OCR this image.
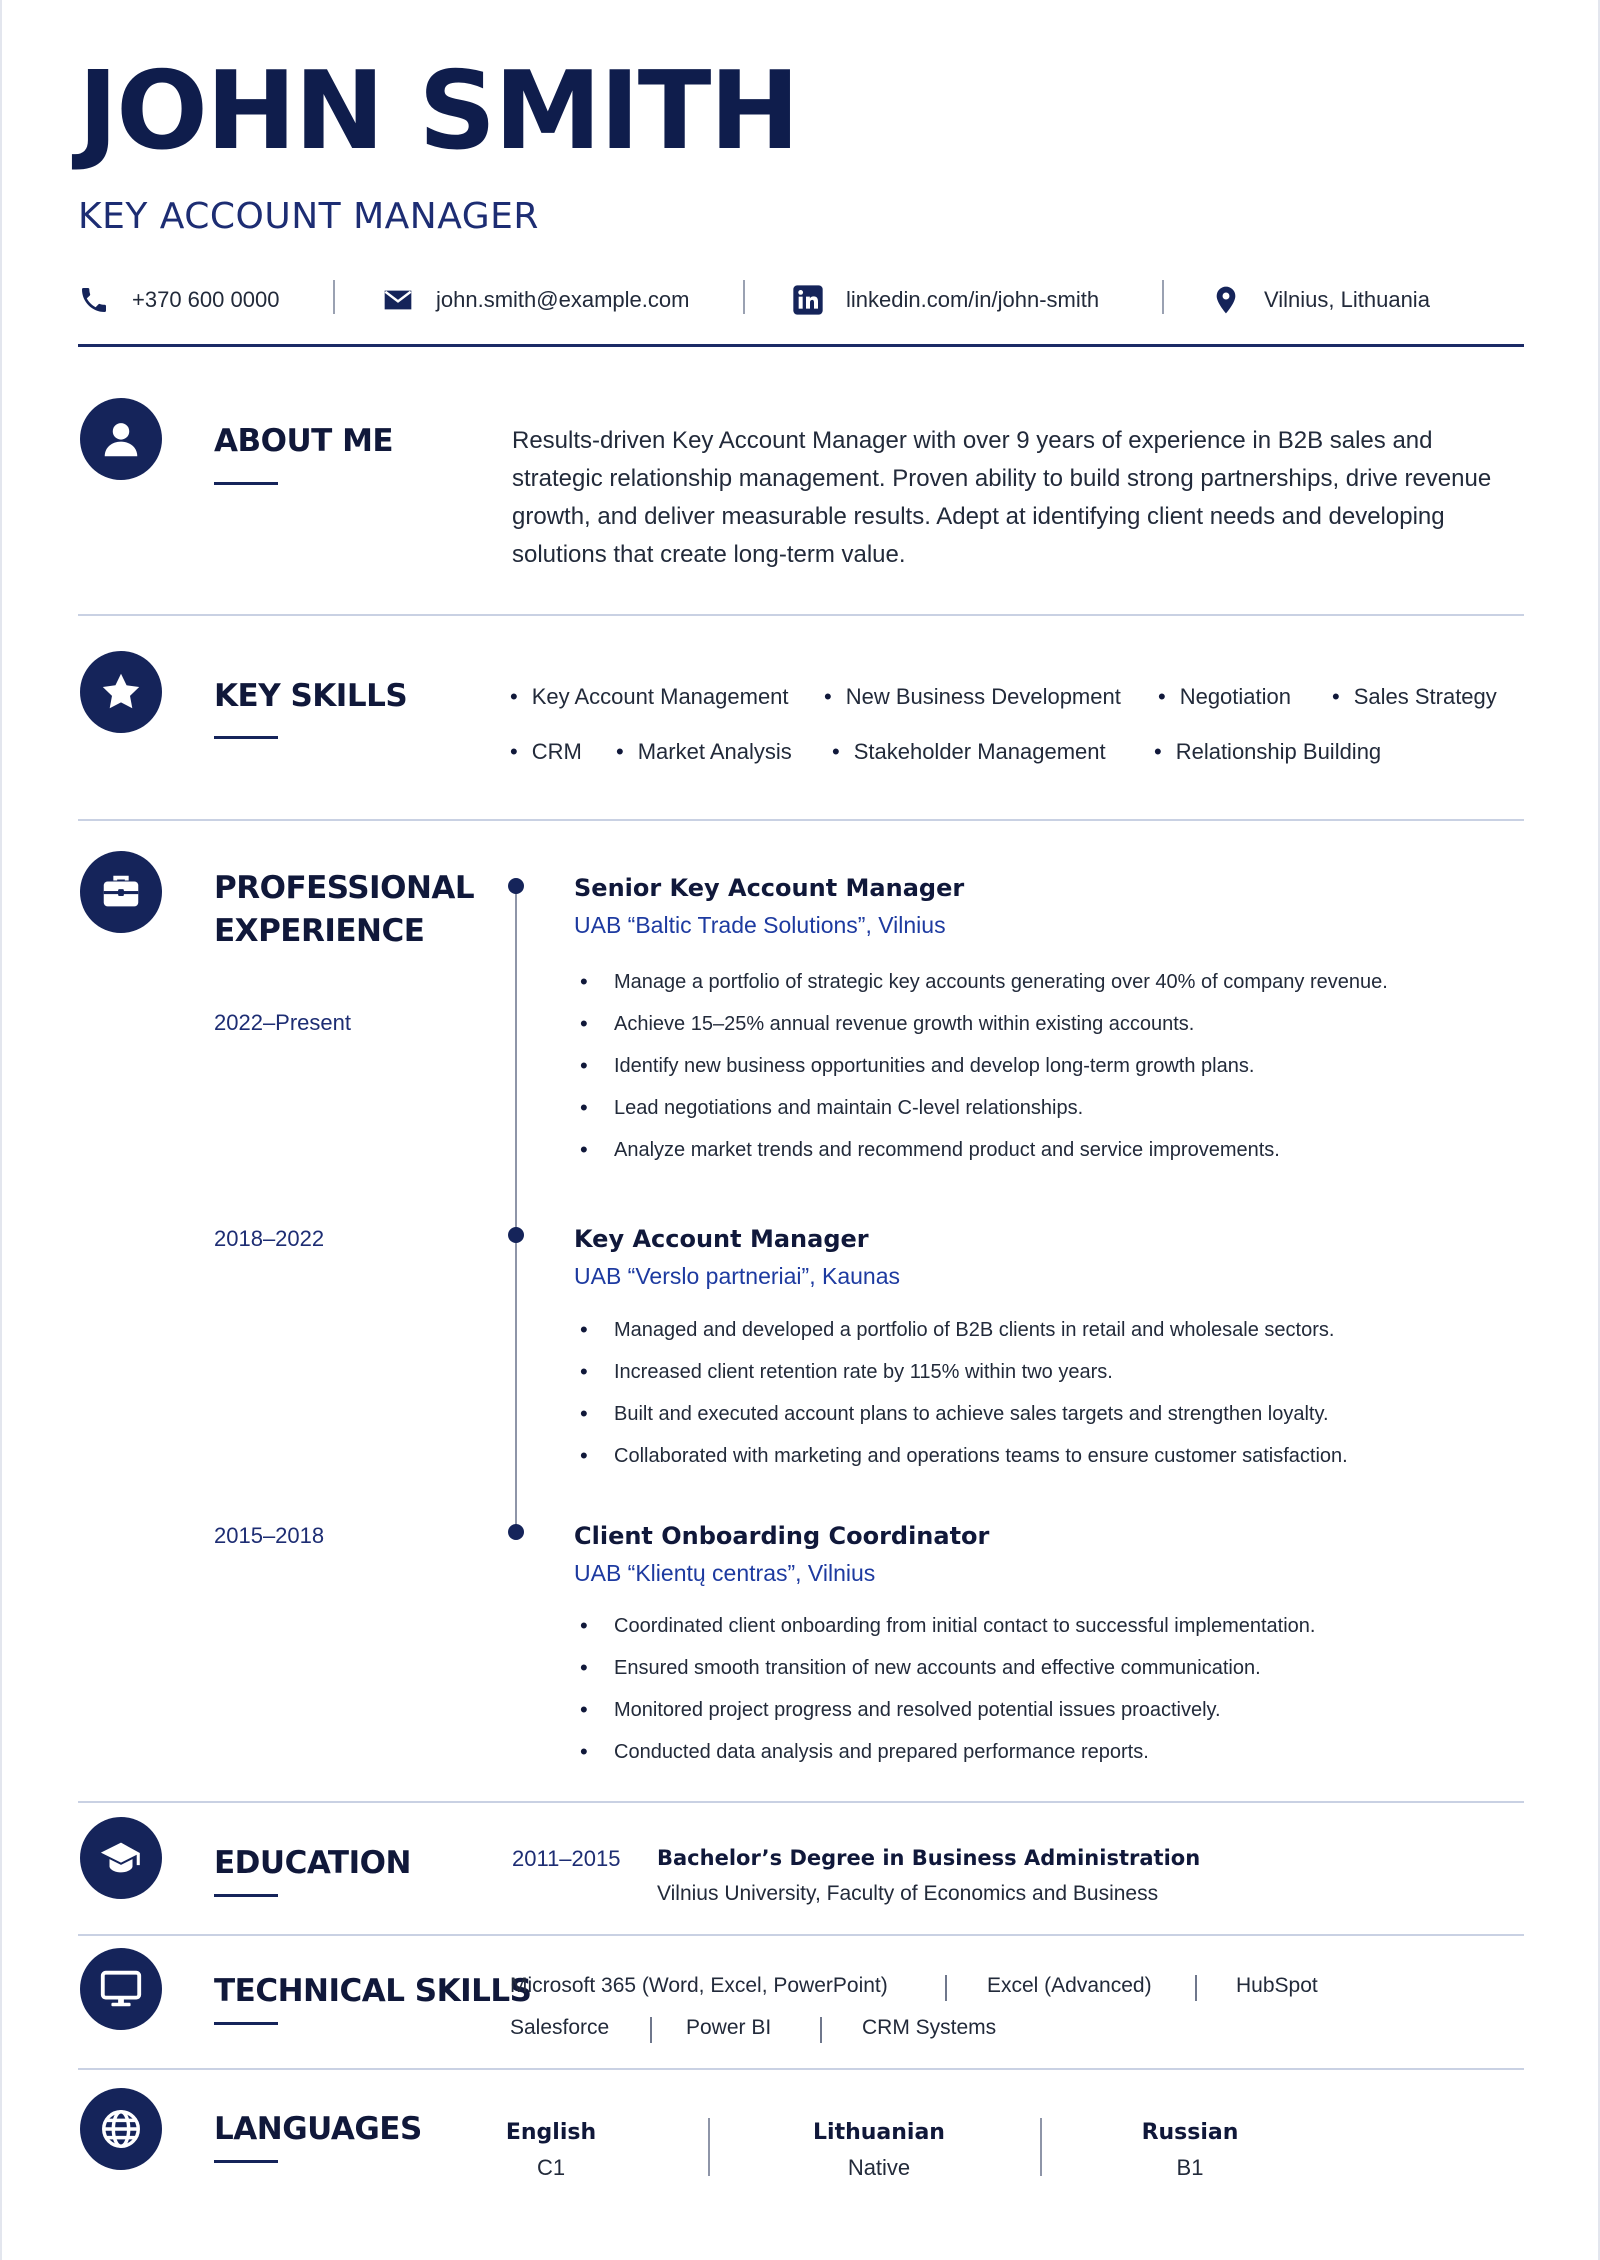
JOHN SMITH
KEY ACCOUNT MANAGER
+370 600 0000	john.smith@example.com	linkedin.com/in/john-smith	Vilnius, Lithuania
ABOUT ME	Results-driven Key Account Manager with over 9 years of experience in B2B sales and strategic relationship management. Proven ability to build strong partnerships, drive revenue growth, and deliver measurable results. Adept at identifying client needs and developing solutions that create long-term value.
KEY SKILLS	• Key Account Management	• New Business Development	• Negotiation	• Sales Strategy
• CRM	• Market Analysis	• Stakeholder Management	• Relationship Building
PROFESSIONAL
EXPERIENCE
2022–Present
Senior Key Account Manager
UAB “Baltic Trade Solutions”, Vilnius
• Manage a portfolio of strategic key accounts generating over 40% of company revenue.
• Achieve 15–25% annual revenue growth within existing accounts.
• Identify new business opportunities and develop long-term growth plans.
• Lead negotiations and maintain C-level relationships.
• Analyze market trends and recommend product and service improvements.
2018–2022	Key Account Manager
UAB “Verslo partneriai”, Kaunas
• Managed and developed a portfolio of B2B clients in retail and wholesale sectors.
• Increased client retention rate by 115% within two years.
• Built and executed account plans to achieve sales targets and strengthen loyalty.
• Collaborated with marketing and operations teams to ensure customer satisfaction.
2015–2018	Client Onboarding Coordinator
UAB “Klientų centras”, Vilnius
• Coordinated client onboarding from initial contact to successful implementation.
• Ensured smooth transition of new accounts and effective communication.
• Monitored project progress and resolved potential issues proactively.
• Conducted data analysis and prepared performance reports.
EDUCATION	2011–2015 Bachelor’s Degree in Business Administration
Vilnius University, Faculty of Economics and Business
TECHNICAL SKILLS
Microsoft 365 (Word, Excel, PowerPoint)	Excel (Advanced)	HubSpot
Salesforce	Power BI	CRM Systems
LANGUAGES	English
C1
Lithuanian
Native
Russian
B1
